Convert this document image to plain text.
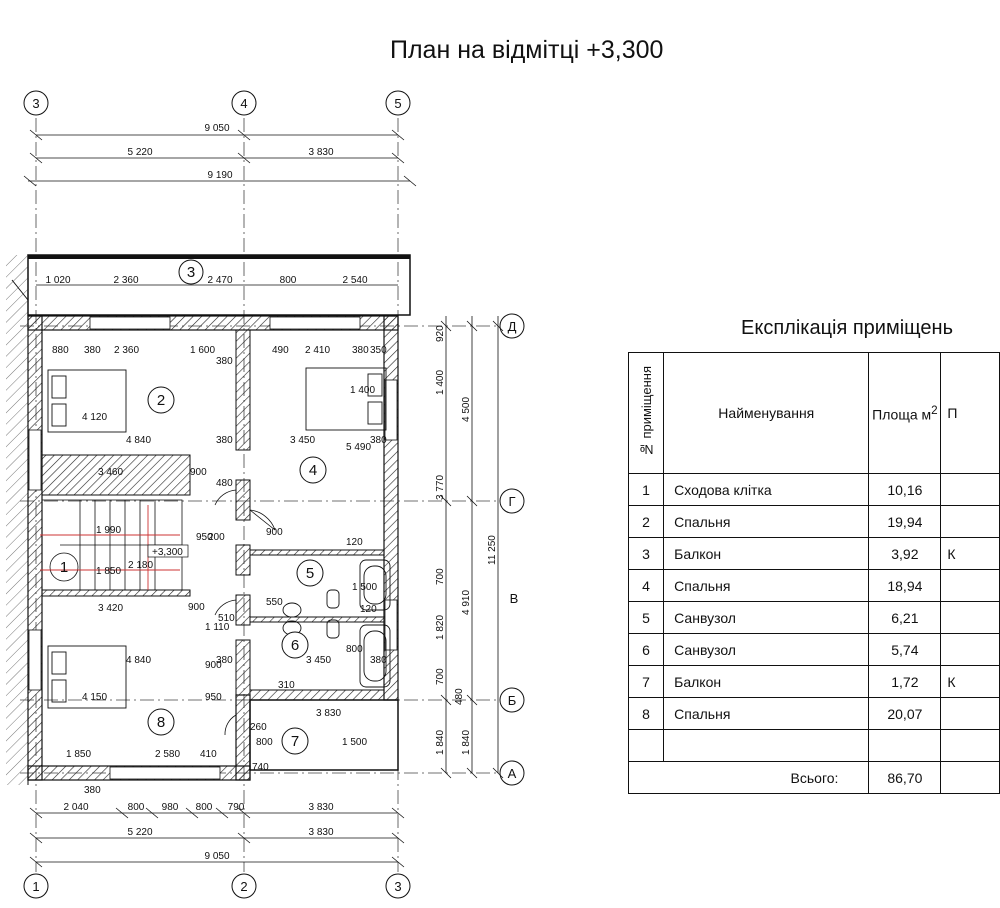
План на відмітці +3,300
3	4	5
1	2	3
Д
Г
Б
А
В
9 050
5 220	3 830
9 190
1 020	2 360	2 470	800	2 540
3
+3,300
1
2
4
5
6
7
8
880 380 2 360	1 600
380
490 2 410 380 350
4 120
4 840	380	3 450
5 490
380
3 460	900
480
1 990
3 420	900
510
1 110
4 840	380	3 450	380
4 150
1 850	2 580 410
3 830
260
800	1 500
740
380
120
1 500
800
950
200	900
550
900
950
310
2 180
1 850
1 400
120
920
1 400
3 770
700
1 820
700
480
1 840
4 500
4 910
1 840
11 250
2 040	800 980 800 790	3 830
5 220	3 830
9 050
Експлікація приміщень
№ приміщення	Найменування	Площа $м^2$	П
1	Сходова клітка	10,16	
2	Спальня	19,94	
3	Балкон	3,92	К
4	Спальня	18,94	
5	Санвузол	6,21	
6	Санвузол	5,74	
7	Балкон	1,72	К
8	Спальня	20,07	

Всього:		86,70	
